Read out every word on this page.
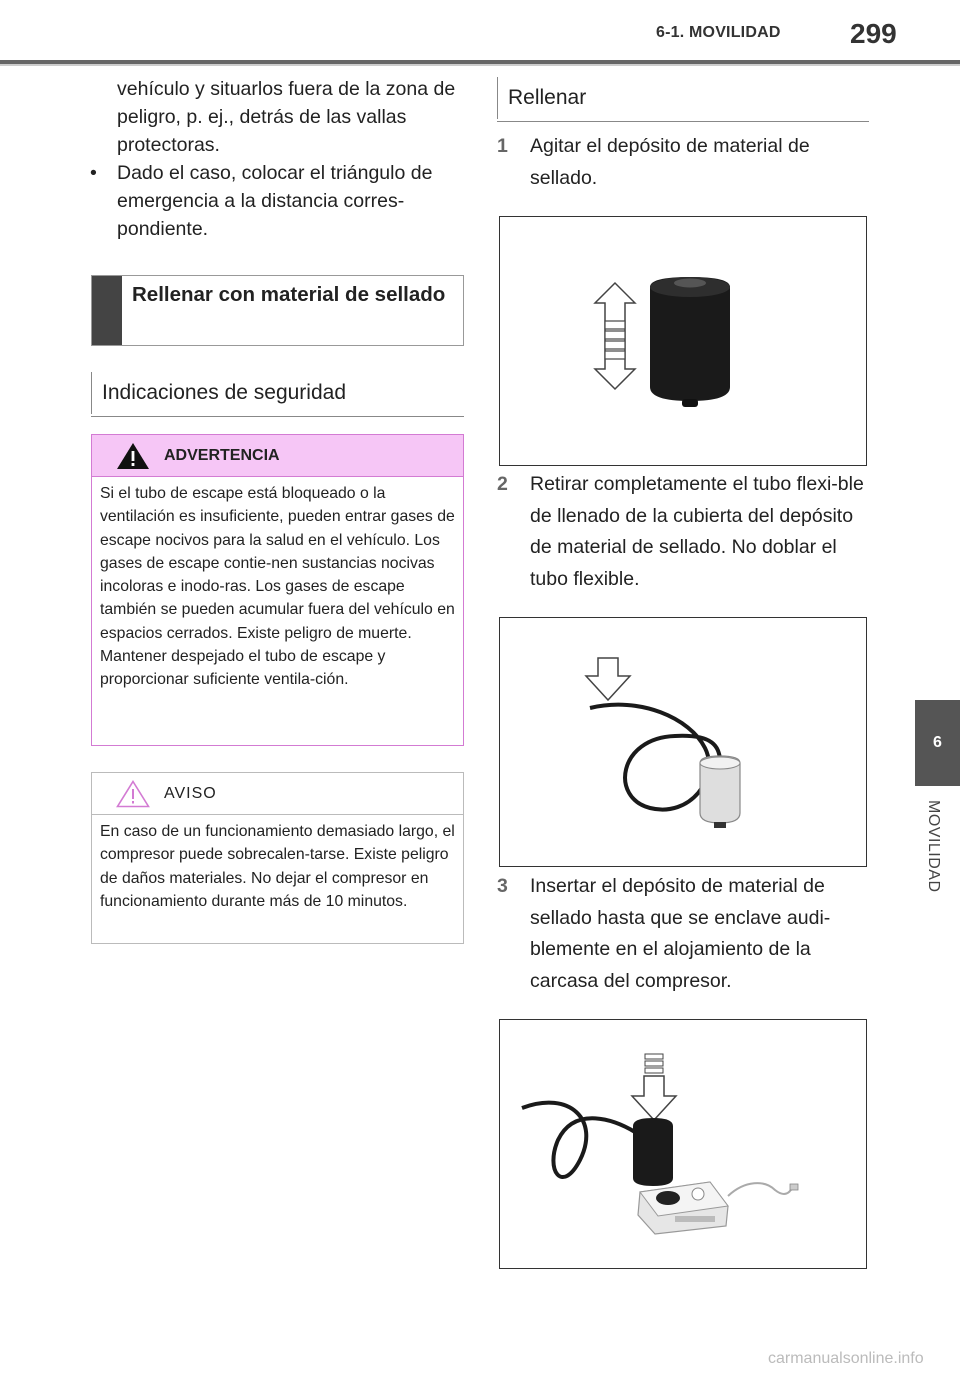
6-1. MOVILIDAD 299
6
MOVILIDAD
vehículo y situarlos fuera de la zona de peligro, p. ej., detrás de las vallas protectoras.
• Dado el caso, colocar el triángulo de emergencia a la distancia corres-pondiente.
Rellenar con material de sellado
Indicaciones de seguridad
ADVERTENCIA
Si el tubo de escape está bloqueado o la ventilación es insuficiente, pueden entrar gases de escape nocivos para la salud en el vehículo. Los gases de escape contie-nen sustancias nocivas incoloras e inodo-ras. Los gases de escape también se pueden acumular fuera del vehículo en espacios cerrados. Existe peligro de muerte. Mantener despejado el tubo de escape y proporcionar suficiente ventila-ción.
AVISO
En caso de un funcionamiento demasiado largo, el compresor puede sobrecalen-tarse. Existe peligro de daños materiales. No dejar el compresor en funcionamiento durante más de 10 minutos.
Rellenar
1 Agitar el depósito de material de sellado.
2 Retirar completamente el tubo flexi-ble de llenado de la cubierta del depósito de material de sellado. No doblar el tubo flexible.
3 Insertar el depósito de material de sellado hasta que se enclave audi-blemente en el alojamiento de la carcasa del compresor.
carmanualsonline.info
